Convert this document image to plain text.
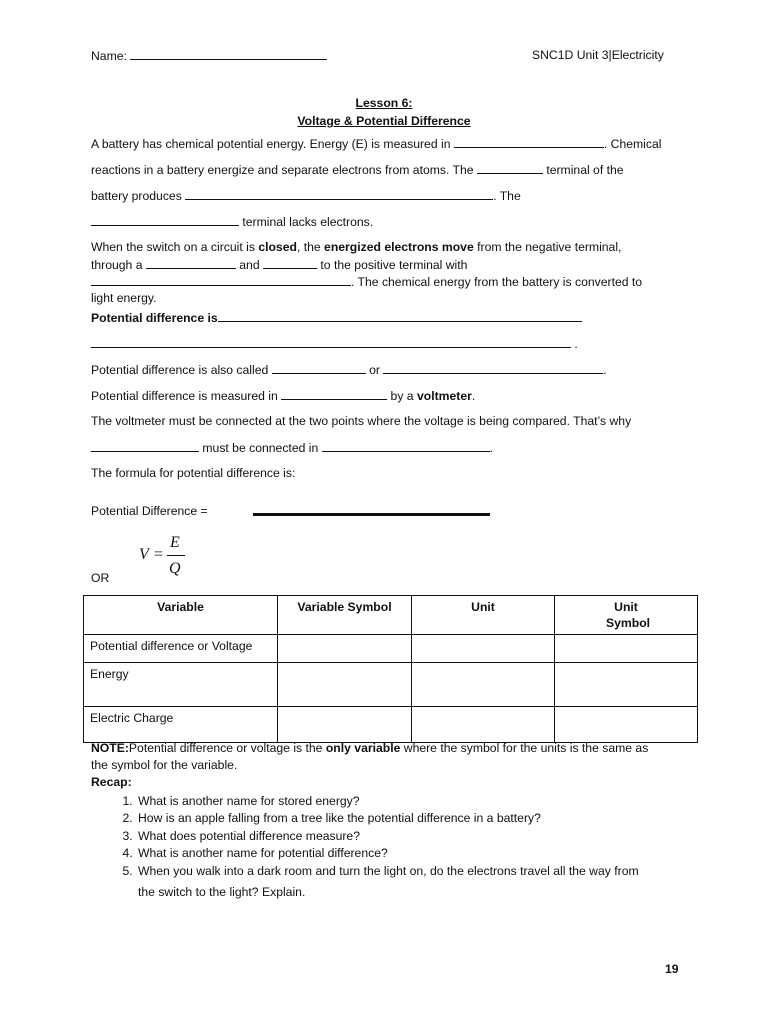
Name:	SNC1D Unit 3|Electricity
Lesson 6:
Voltage & Potential Difference
A battery has chemical potential energy. Energy (E) is measured in	. Chemical
reactions in a battery energize and separate electrons from atoms. The	terminal of the
battery produces	. The
terminal lacks electrons.
When the switch on a circuit is closed, the energized electrons move from the negative terminal,
through a	and	to the positive terminal with
. The chemical energy from the battery is converted to
light energy.
Potential difference is
.
Potential difference is also called	or	.
Potential difference is measured in	by a voltmeter.
The voltmeter must be connected at the two points where the voltage is being compared. That’s why
must be connected in	.
The formula for potential difference is:
Potential Difference =
V =
E
Q
OR
Variable	Variable Symbol	Unit	Unit Symbol
Potential difference or Voltage			
Energy			
Electric Charge			
NOTE:Potential difference or voltage is the only variable where the symbol for the units is the same as
the symbol for the variable.
Recap:
1. What is another name for stored energy?
2. How is an apple falling from a tree like the potential difference in a battery?
3. What does potential difference measure?
4. What is another name for potential difference?
5. When you walk into a dark room and turn the light on, do the electrons travel all the way from
the switch to the light? Explain.
19
